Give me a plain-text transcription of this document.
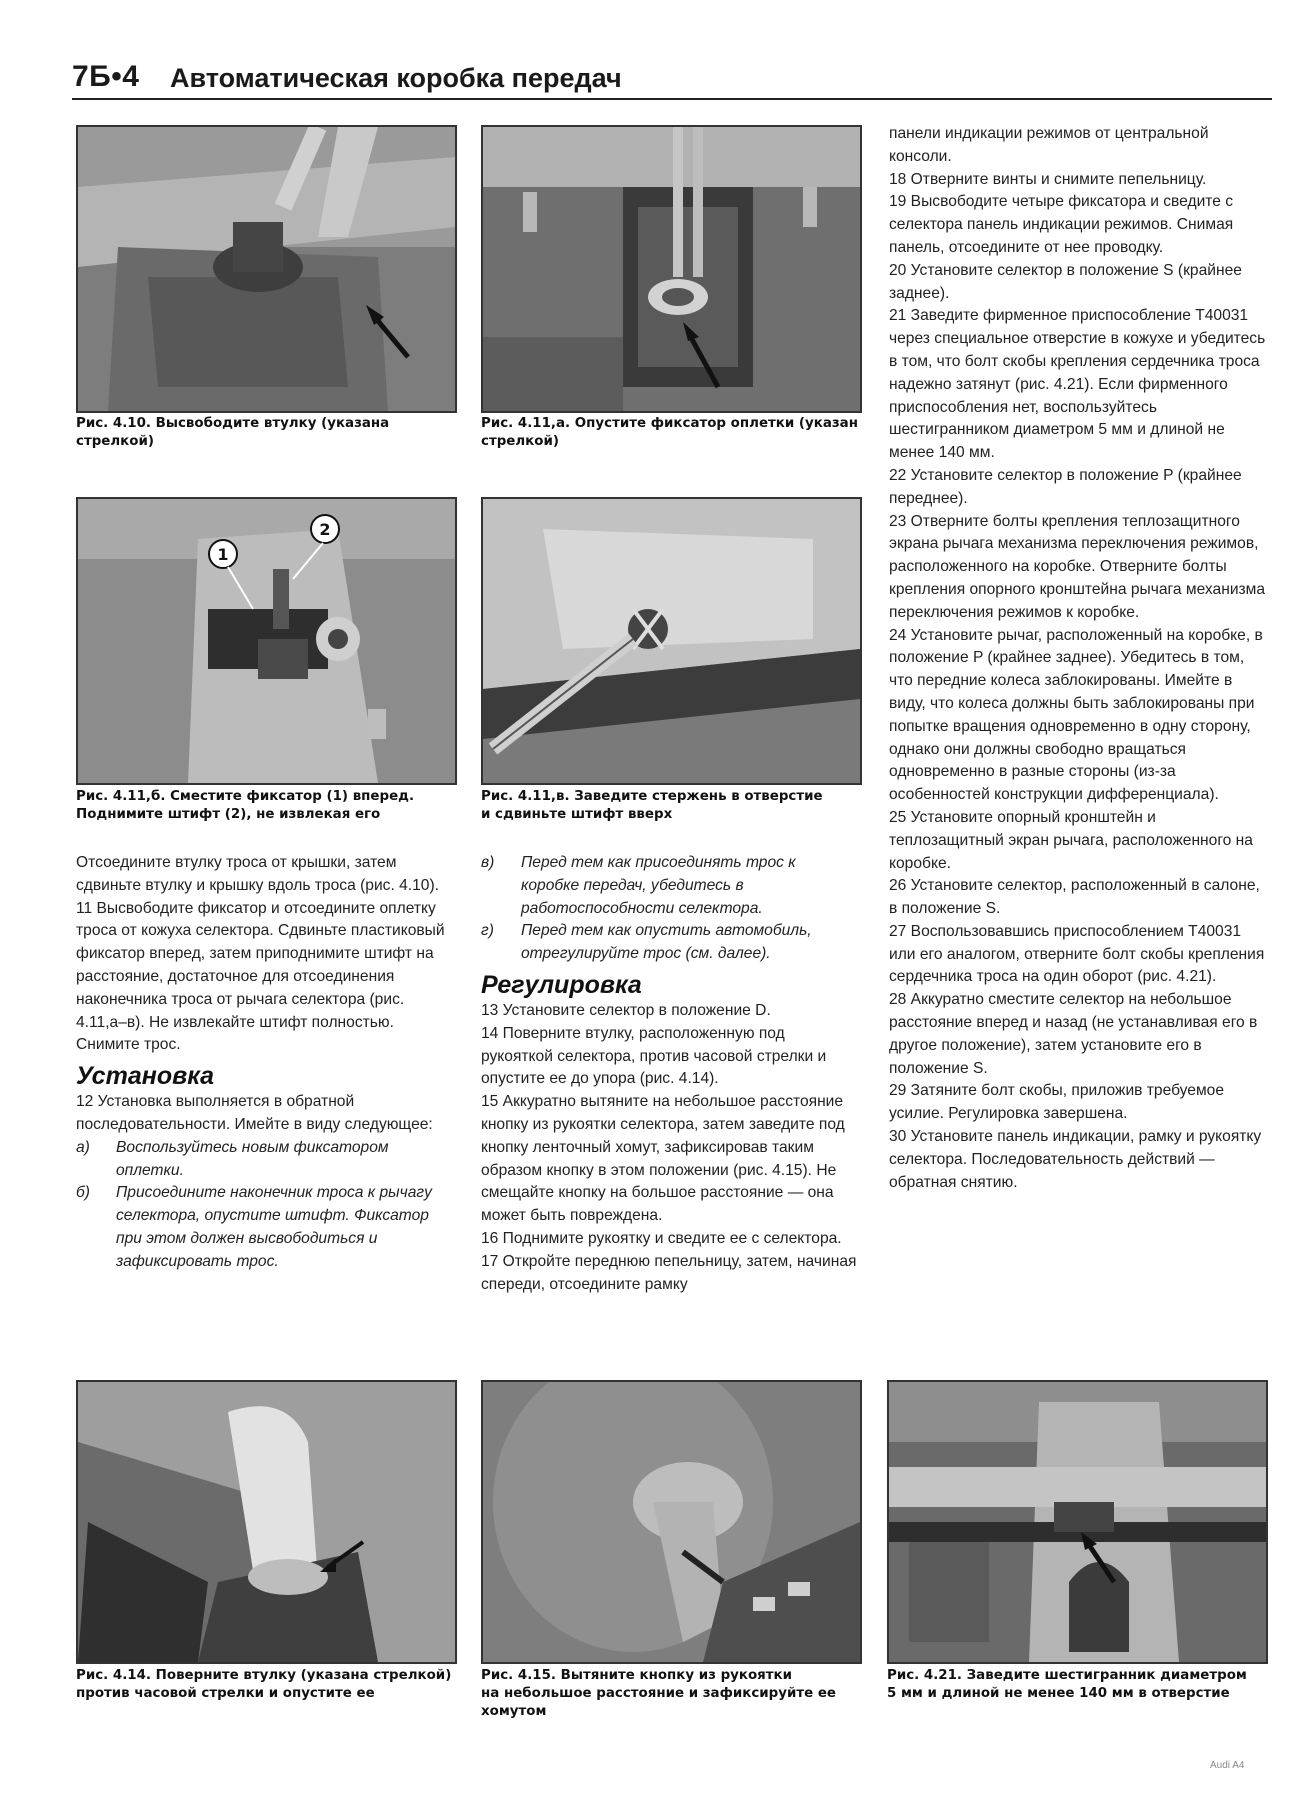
7Б•4 Автоматическая коробка передач
Рис. 4.10. Высвободите втулку (указана
стрелкой)
Рис. 4.11,а. Опустите фиксатор оплетки (указан
стрелкой)
1
2
Рис. 4.11,б. Сместите фиксатор (1) вперед.
Поднимите штифт (2), не извлекая его
Рис. 4.11,в. Заведите стержень в отверстие
и сдвиньте штифт вверх

панели индикации режимов от центральной консоли.

18 Отверните винты и снимите пепельницу.

19 Высвободите четыре фиксатора и сведите с селектора панель индикации режимов. Снимая панель, отсоедините от нее проводку.

20 Установите селектор в положение S (крайнее заднее).

21 Заведите фирменное приспособление T40031 через специальное отверстие в кожухе и убедитесь в том, что болт скобы крепления сердечника троса надежно затянут (рис. 4.21). Если фирменного приспособления нет, воспользуйтесь шестигранником диаметром 5 мм и длиной не менее 140 мм.

22 Установите селектор в положение P (крайнее переднее).

23 Отверните болты крепления теплозащитного экрана рычага механизма переключения режимов, расположенного на коробке. Отверните болты крепления опорного кронштейна рычага механизма переключения режимов к коробке.

24 Установите рычаг, расположенный на коробке, в положение P (крайнее заднее). Убедитесь в том, что передние колеса заблокированы. Имейте в виду, что колеса должны быть заблокированы при попытке вращения одновременно в одну сторону, однако они должны свободно вращаться одновременно в разные стороны (из-за особенностей конструкции дифференциала).

25 Установите опорный кронштейн и теплозащитный экран рычага, расположенного на коробке.

26 Установите селектор, расположенный в салоне, в положение S.

27 Воспользовавшись приспособлением T40031 или его аналогом, отверните болт скобы крепления сердечника троса на один оборот (рис. 4.21).

28 Аккуратно сместите селектор на небольшое расстояние вперед и назад (не устанавливая его в другое положение), затем установите его в положение S.

29 Затяните болт скобы, приложив требуемое усилие. Регулировка завершена.

30 Установите панель индикации, рамку и рукоятку селектора. Последовательность действий — обратная снятию.

Отсоедините втулку троса от крышки, затем сдвиньте втулку и крышку вдоль троса (рис. 4.10).

11 Высвободите фиксатор и отсоедините оплетку троса от кожуха селектора. Сдвиньте пластиковый фиксатор вперед, затем приподнимите штифт на расстояние, достаточное для отсоединения наконечника троса от рычага селектора (рис. 4.11,а–в). Не извлекайте штифт полностью. Снимите трос.

Установка

12 Установка выполняется в обратной последовательности. Имейте в виду следующее:

а)	Воспользуйтесь новым фиксатором оплетки.
б)	Присоедините наконечник троса к рычагу селектора, опустите штифт. Фиксатор при этом должен высвободиться и зафиксировать трос.
в)	Перед тем как присоединять трос к коробке передач, убедитесь в работоспособности селектора.
г)	Перед тем как опустить автомобиль, отрегулируйте трос (см. далее).
Регулировка

13 Установите селектор в положение D.

14 Поверните втулку, расположенную под рукояткой селектора, против часовой стрелки и опустите ее до упора (рис. 4.14).

15 Аккуратно вытяните на небольшое расстояние кнопку из рукоятки селектора, затем заведите под кнопку ленточный хомут, зафиксировав таким образом кнопку в этом положении (рис. 4.15). Не смещайте кнопку на большое расстояние — она может быть повреждена.

16 Поднимите рукоятку и сведите ее с селектора.

17 Откройте переднюю пепельницу, затем, начиная спереди, отсоедините рамку

Рис. 4.14. Поверните втулку (указана стрелкой)
против часовой стрелки и опустите ее
Рис. 4.15. Вытяните кнопку из рукоятки
на небольшое расстояние и зафиксируйте ее
хомутом
Рис. 4.21. Заведите шестигранник диаметром
5 мм и длиной не менее 140 мм в отверстие
Audi A4
